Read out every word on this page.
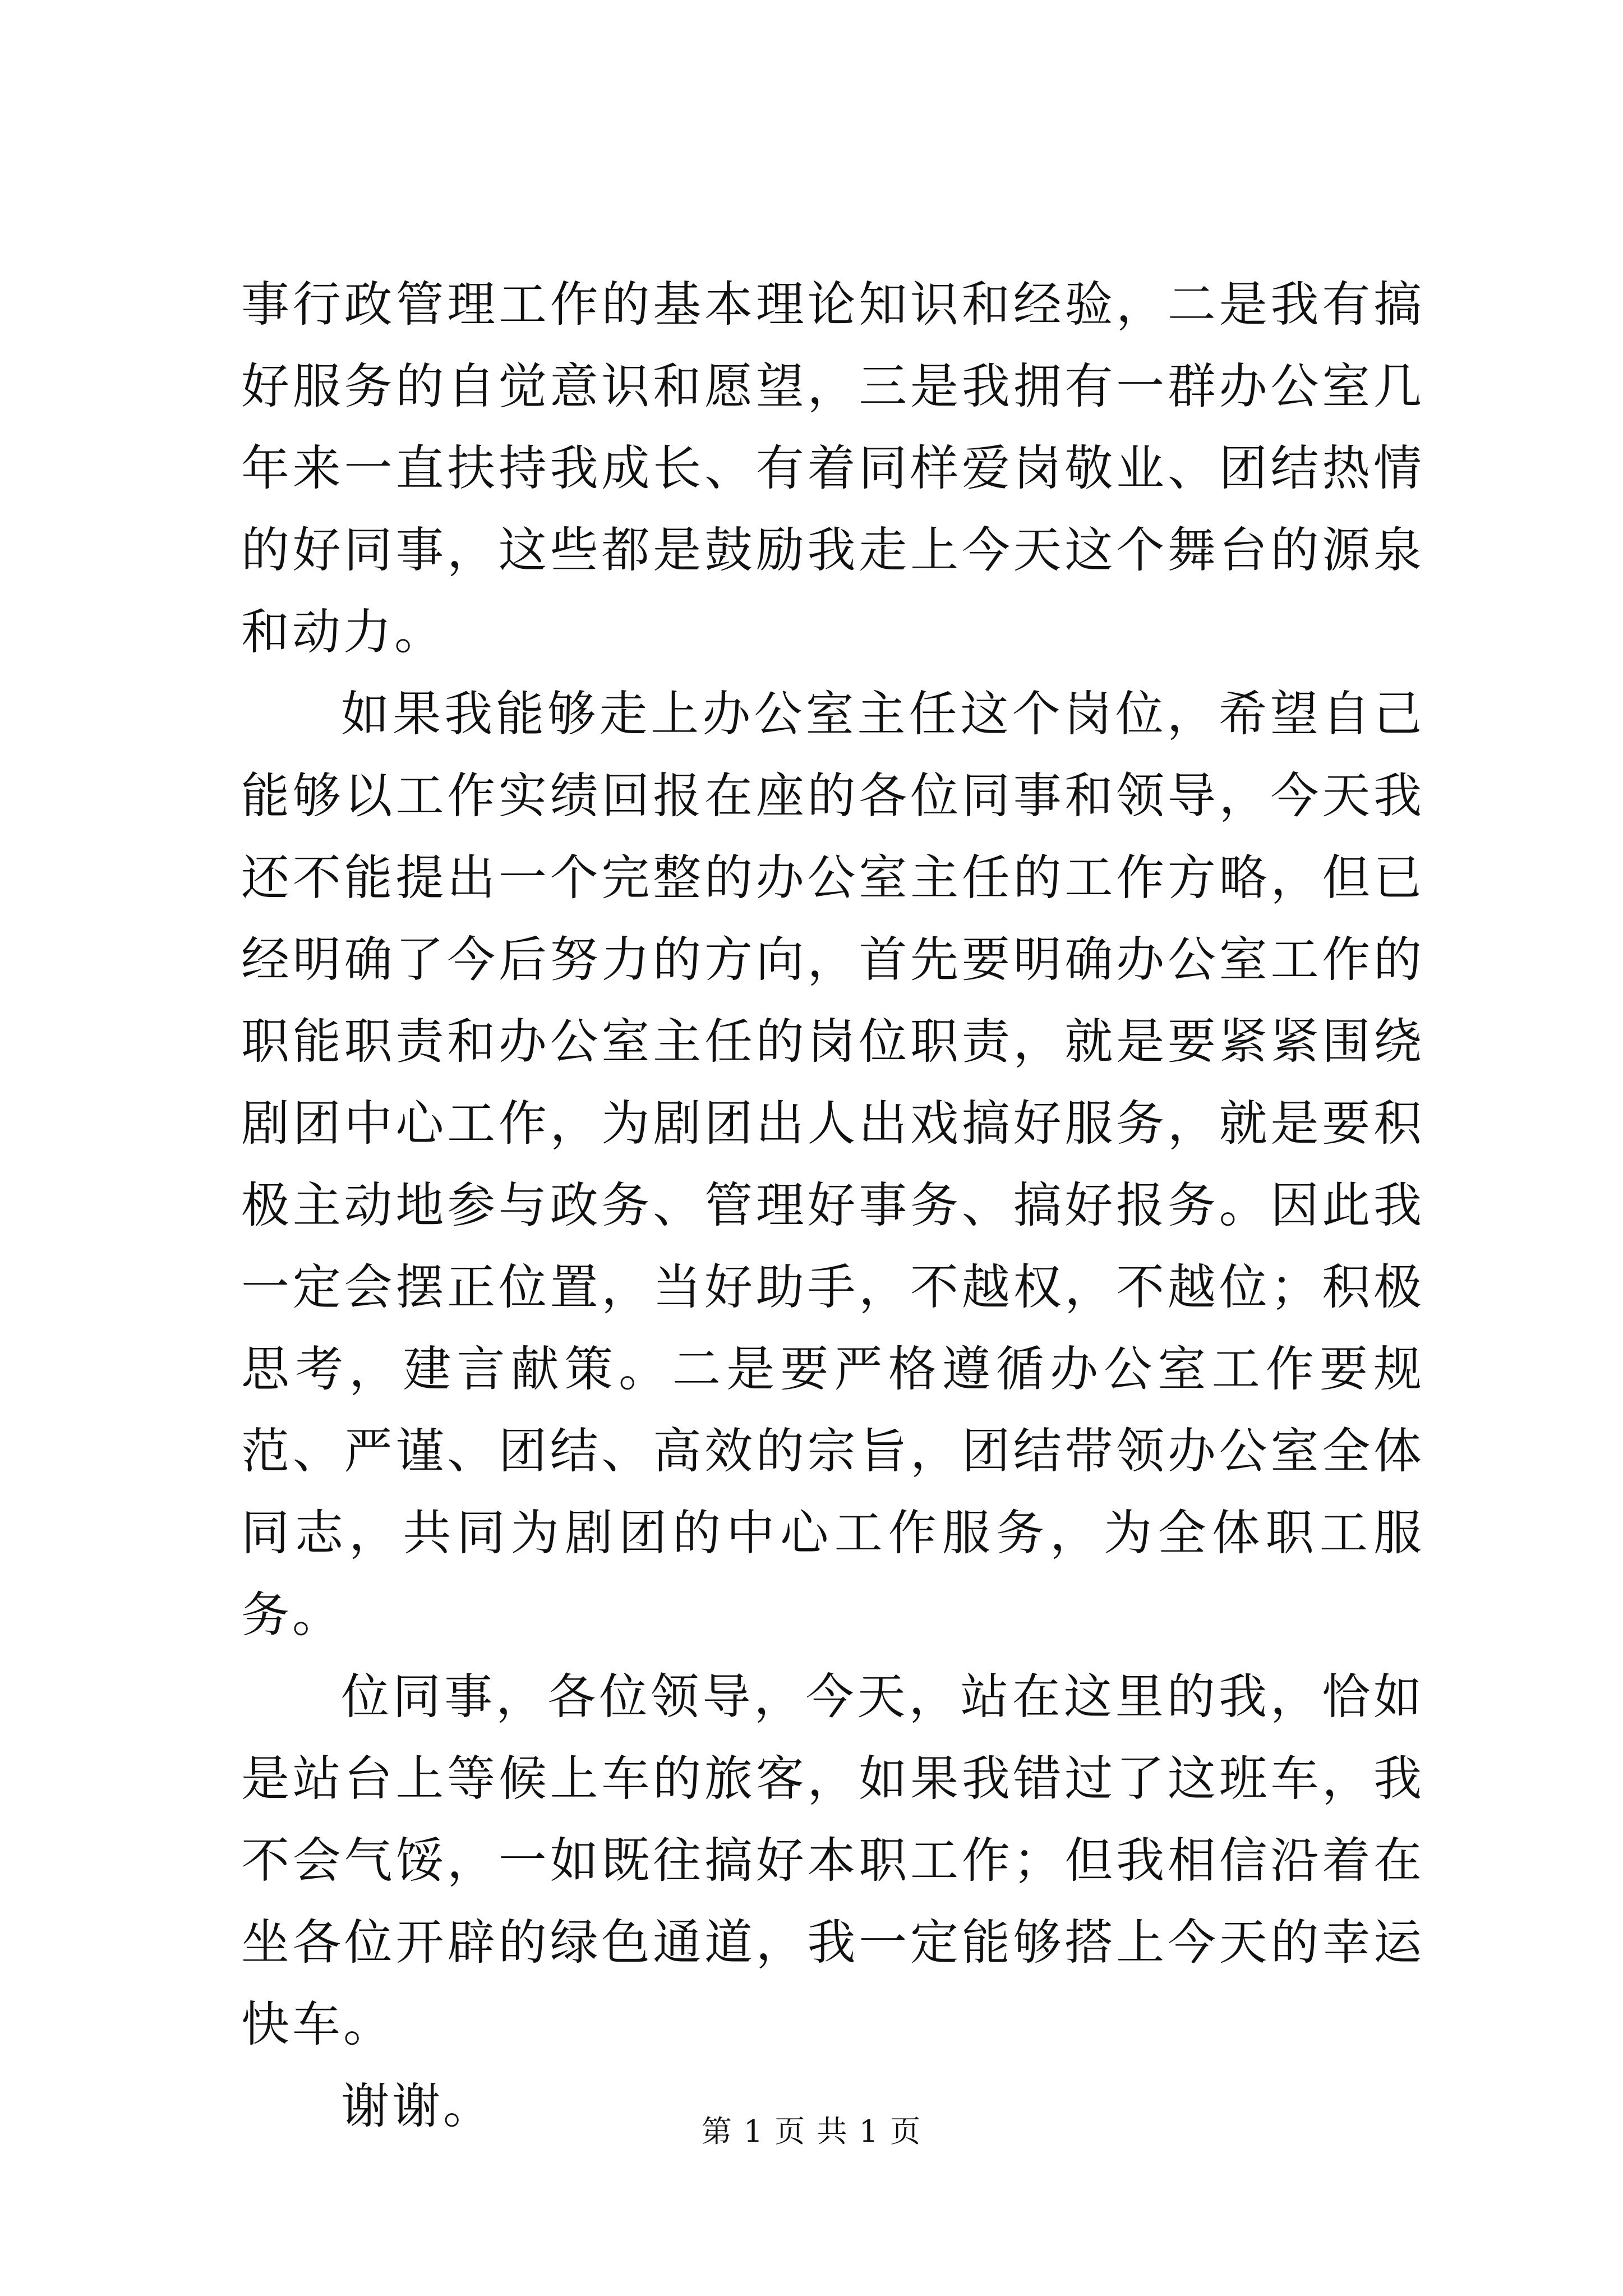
事行政管理工作的基本理论知识和经验，二是我有搞好服务的自觉意识和愿望，三是我拥有一群办公室几年来一直扶持我成长、有着同样爱岗敬业、团结热情的好同事，这些都是鼓励我走上今天这个舞台的源泉和动力。

如果我能够走上办公室主任这个岗位，希望自己能够以工作实绩回报在座的各位同事和领导，今天我还不能提出一个完整的办公室主任的工作方略，但已经明确了今后努力的方向，首先要明确办公室工作的职能职责和办公室主任的岗位职责，就是要紧紧围绕剧团中心工作，为剧团出人出戏搞好服务，就是要积极主动地参与政务、管理好事务、搞好报务。因此我一定会摆正位置，当好助手，不越权，不越位；积极思考，建言献策。二是要严格遵循办公室工作要规范、严谨、团结、高效的宗旨，团结带领办公室全体同志，共同为剧团的中心工作服务，为全体职工服务。

位同事，各位领导，今天，站在这里的我，恰如是站台上等候上车的旅客，如果我错过了这班车，我不会气馁，一如既往搞好本职工作；但我相信沿着在坐各位开辟的绿色通道，我一定能够搭上今天的幸运快车。

谢谢。	第 1 页 共 1 页
